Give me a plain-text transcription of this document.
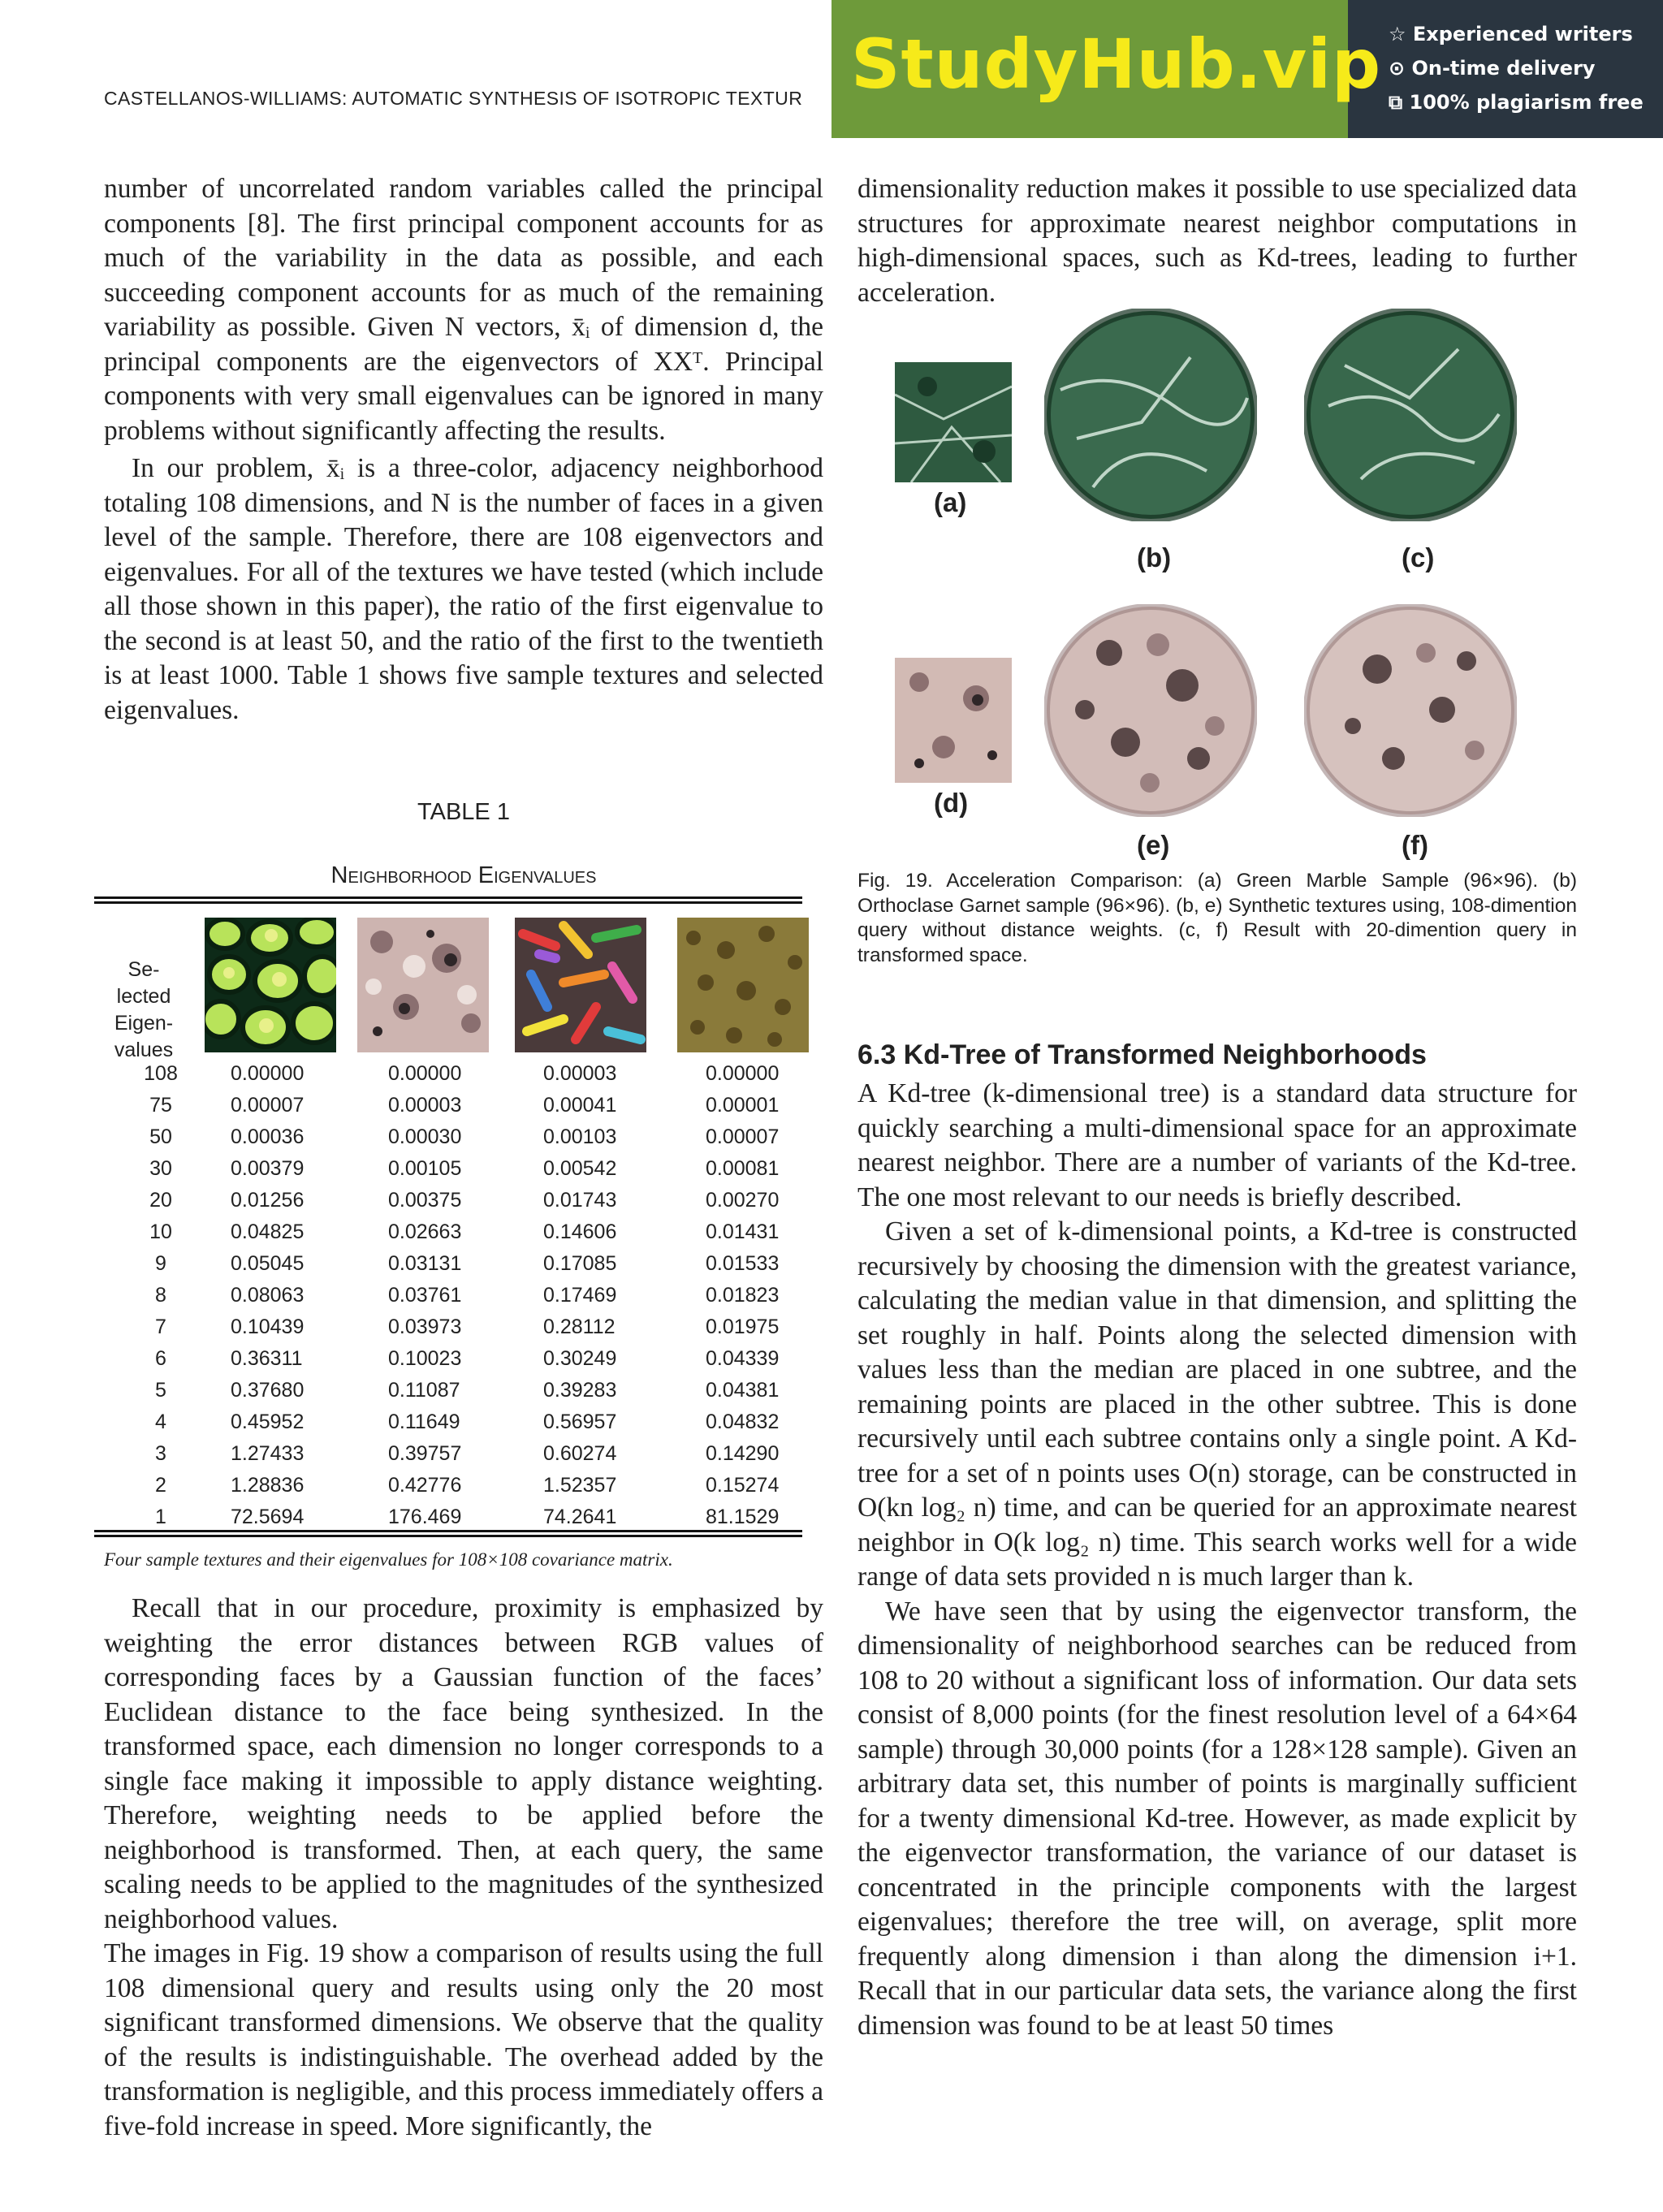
CASTELLANOS-WILLIAMS: AUTOMATIC SYNTHESIS OF ISOTROPIC TEXTUR StudyHub.vip ☆ Experienced writers
⊙ On-time delivery
⧉ 100% plagiarism free

number of uncorrelated random variables called the principal components [8]. The first principal component accounts for as much of the variability in the data as possible, and each succeeding component accounts for as much of the remaining variability as possible. Given N vectors, x̄ᵢ of dimension d, the principal components are the eigenvectors of XXᵀ. Principal components with very small eigenvalues can be ignored in many problems without significantly affecting the results.

In our problem, x̄ᵢ is a three-color, adjacency neighborhood totaling 108 dimensions, and N is the number of faces in a given level of the sample. Therefore, there are 108 eigenvectors and eigenvalues. For all of the textures we have tested (which include all those shown in this paper), the ratio of the first eigenvalue to the second is at least 50, and the ratio of the first to the twentieth is at least 1000. Table 1 shows five sample textures and selected eigenvalues.

TABLE 1
Neighborhood Eigenvalues
Se-
lected
Eigen-
values
108	0.00000	0.00000	0.00003	0.00000
75	0.00007	0.00003	0.00041	0.00001
50	0.00036	0.00030	0.00103	0.00007
30	0.00379	0.00105	0.00542	0.00081
20	0.01256	0.00375	0.01743	0.00270
10	0.04825	0.02663	0.14606	0.01431
9	0.05045	0.03131	0.17085	0.01533
8	0.08063	0.03761	0.17469	0.01823
7	0.10439	0.03973	0.28112	0.01975
6	0.36311	0.10023	0.30249	0.04339
5	0.37680	0.11087	0.39283	0.04381
4	0.45952	0.11649	0.56957	0.04832
3	1.27433	0.39757	0.60274	0.14290
2	1.28836	0.42776	1.52357	0.15274
1	72.5694	176.469	74.2641	81.1529
Four sample textures and their eigenvalues for 108×108 covariance matrix.

Recall that in our procedure, proximity is emphasized by weighting the error distances between RGB values of corresponding faces by a Gaussian function of the faces’ Euclidean distance to the face being synthesized. In the transformed space, each dimension no longer corresponds to a single face making it impossible to apply distance weighting. Therefore, weighting needs to be applied before the neighborhood is transformed. Then, at each query, the same scaling needs to be applied to the magnitudes of the synthesized neighborhood values.

The images in Fig. 19 show a comparison of results using the full 108 dimensional query and results using only the 20 most significant transformed dimensions. We observe that the quality of the results is indistinguishable. The overhead added by the transformation is negligible, and this process immediately offers a five-fold increase in speed. More significantly, the

dimensionality reduction makes it possible to use specialized data structures for approximate nearest neighbor computations in high-dimensional spaces, such as Kd-trees, leading to further acceleration.

(a)
(b)	(c)
(d)
(e)	(f)
Fig. 19. Acceleration Comparison: (a) Green Marble Sample (96×96). (b) Orthoclase Garnet sample (96×96). (b, e) Synthetic textures using, 108-dimention query without distance weights. (c, f) Result with 20-dimention query in transformed space.
6.3 Kd-Tree of Transformed Neighborhoods

A Kd-tree (k-dimensional tree) is a standard data structure for quickly searching a multi-dimensional space for an approximate nearest neighbor. There are a number of variants of the Kd-tree. The one most relevant to our needs is briefly described.

Given a set of k-dimensional points, a Kd-tree is constructed recursively by choosing the dimension with the greatest variance, calculating the median value in that dimension, and splitting the set roughly in half. Points along the selected dimension with values less than the median are placed in one subtree, and the remaining points are placed in the other subtree. This is done recursively until each subtree contains only a single point. A Kd-tree for a set of n points uses O(n) storage, can be constructed in O(kn log₂ n) time, and can be queried for an approximate nearest neighbor in O(k log₂ n) time. This search works well for a wide range of data sets provided n is much larger than k.

We have seen that by using the eigenvector transform, the dimensionality of neighborhood searches can be reduced from 108 to 20 without a significant loss of information. Our data sets consist of 8,000 points (for the finest resolution level of a 64×64 sample) through 30,000 points (for a 128×128 sample). Given an arbitrary data set, this number of points is marginally sufficient for a twenty dimensional Kd-tree. However, as made explicit by the eigenvector transformation, the variance of our dataset is concentrated in the principle components with the largest eigenvalues; therefore the tree will, on average, split more frequently along dimension i than along the dimension i+1. Recall that in our particular data sets, the variance along the first dimension was found to be at least 50 times
